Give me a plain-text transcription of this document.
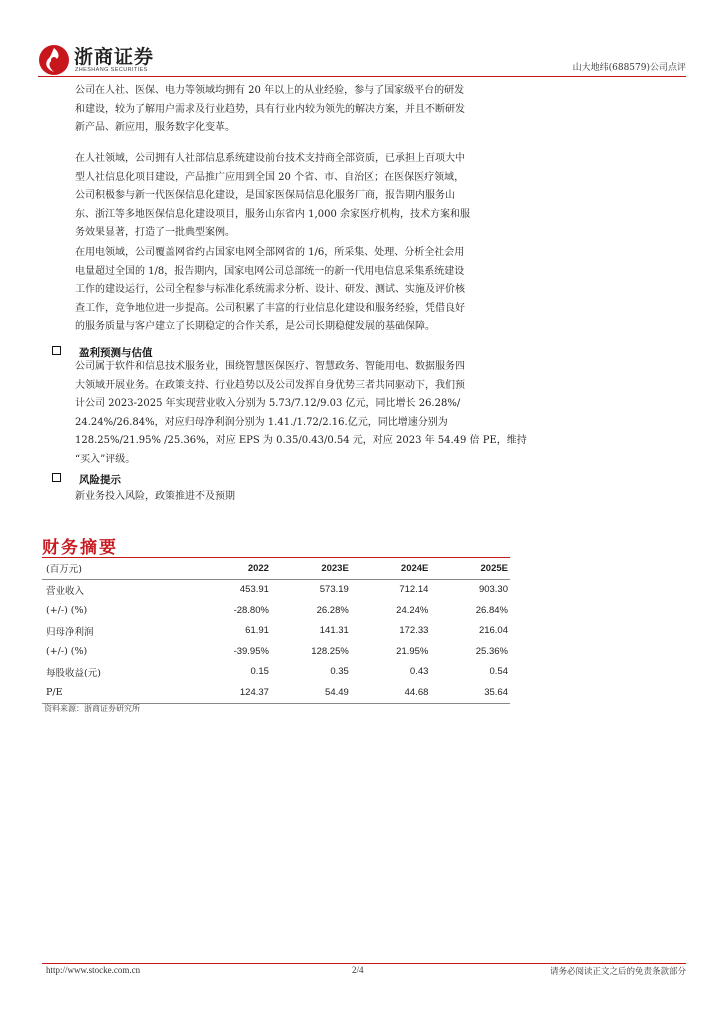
浙商证券
ZHESHANG SECURITIES	山大地纬(688579)公司点评
公司在人社、医保、电力等领域均拥有 20 年以上的从业经验，参与了国家级平台的研发
和建设，较为了解用户需求及行业趋势，具有行业内较为领先的解决方案，并且不断研发
新产品、新应用，服务数字化变革。
在人社领域，公司拥有人社部信息系统建设前台技术支持商全部资质，已承担上百项大中
型人社信息化项目建设，产品推广应用到全国 20 个省、市、自治区；在医保医疗领域，
公司积极参与新一代医保信息化建设，是国家医保局信息化服务厂商，报告期内服务山
东、浙江等多地医保信息化建设项目，服务山东省内 1,000 余家医疗机构，技术方案和服
务效果显著，打造了一批典型案例。
在用电领域，公司覆盖网省约占国家电网全部网省的 1/6，所采集、处理、分析全社会用
电量超过全国的 1/8，报告期内，国家电网公司总部统一的新一代用电信息采集系统建设
工作的建设运行，公司全程参与标准化系统需求分析、设计、研发、测试、实施及评价核
查工作，竞争地位进一步提高。公司积累了丰富的行业信息化建设和服务经验，凭借良好
的服务质量与客户建立了长期稳定的合作关系，是公司长期稳健发展的基础保障。
盈利预测与估值
公司属于软件和信息技术服务业，围绕智慧医保医疗、智慧政务、智能用电、数据服务四
大领域开展业务。在政策支持、行业趋势以及公司发挥自身优势三者共同驱动下，我们预
计公司 2023-2025 年实现营业收入分别为 5.73/7.12/9.03 亿元，同比增长 26.28%/
24.24%/26.84%，对应归母净利润分别为 1.41./1.72/2.16.亿元，同比增速分别为
128.25%/21.95% /25.36%，对应 EPS 为 0.35/0.43/0.54 元，对应 2023 年 54.49 倍 PE，维持
“买入”评级。
风险提示
新业务投入风险，政策推进不及预期
财务摘要
(百万元)	2022	2023E	2024E	2025E
营业收入	453.91	573.19	712.14	903.30
(+/-) (%)	-28.80%	26.28%	24.24%	26.84%
归母净利润	61.91	141.31	172.33	216.04
(+/-) (%)	-39.95%	128.25%	21.95%	25.36%
每股收益(元)	0.15	0.35	0.43	0.54
P/E	124.37	54.49	44.68	35.64
资料来源：浙商证券研究所
http://www.stocke.com.cn	2/4	请务必阅读正文之后的免责条款部分
